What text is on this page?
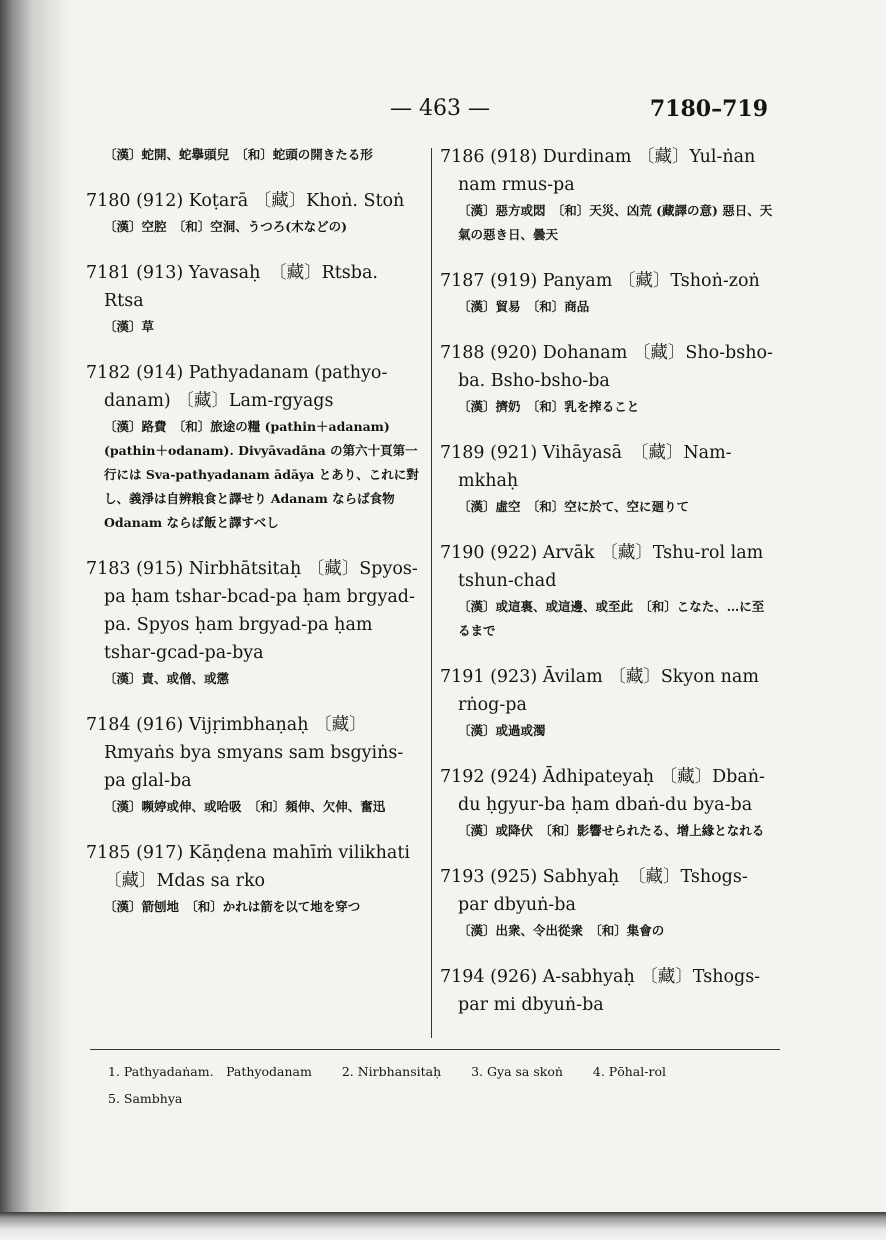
— 463 —	7180–719
〔漢〕蛇開、蛇擧頭兒　〔和〕蛇頭の開きたる形
7180 (912) Koṭarā 〔藏〕Khoṅ. Stoṅ
〔漢〕空腔　〔和〕空洞、うつろ(木などの)
7181 (913) Yavasaḥ　〔藏〕Rtsba. Rtsa
〔漢〕草
7182 (914) Pathyadanam (pathyo-danam) 〔藏〕Lam-rgyags
〔漢〕路費　〔和〕旅途の糧 (pathin＋adanam)(pathin＋odanam). Divyāvadāna の第六十頁第一行には Sva-pathyadanam ādāya とあり、これに對し、義淨は自辨粮食と譯せり Adanam ならば食物 Odanam ならば飯と譯すべし
7183 (915) Nirbhātsitaḥ 〔藏〕Spyos-pa ḥam tshar-bcad-pa ḥam brgyad-pa. Spyos ḥam brgyad-pa ḥam tshar-gcad-pa-bya
〔漢〕責、或僧、或懲
7184 (916) Vijṛimbhaṇaḥ 〔藏〕Rmyaṅs bya smyans sam bsgyiṅs-pa glal-ba
〔漢〕嚬婷或伸、或哈吸　〔和〕頻伸、欠伸、奮迅
7185 (917) Kāṇḍena mahīṁ vilikhati 〔藏〕Mdas sa rko
〔漢〕箭刨地　〔和〕かれは箭を以て地を穿つ
7186 (918) Durdinam 〔藏〕Yul-ṅan nam rmus-pa
〔漢〕惡方或悶　〔和〕天災、凶荒 (藏譯の意) 惡日、天氣の惡き日、曇天
7187 (919) Panyam 〔藏〕Tshoṅ-zoṅ
〔漢〕貿易　〔和〕商品
7188 (920) Dohanam 〔藏〕Sho-bsho-ba. Bsho-bsho-ba
〔漢〕擠奶　〔和〕乳を搾ること
7189 (921) Vihāyasā　〔藏〕Nam-mkhaḥ
〔漢〕虛空　〔和〕空に於て、空に廻りて
7190 (922) Arvāk 〔藏〕Tshu-rol lam tshun-chad
〔漢〕或這裏、或這邊、或至此　〔和〕こなた、…に至るまで
7191 (923) Āvilam 〔藏〕Skyon nam rṅog-pa
〔漢〕或過或濁
7192 (924) Ādhipateyaḥ 〔藏〕Dbaṅ-du ḥgyur-ba ḥam dbaṅ-du bya-ba
〔漢〕或降伏　〔和〕影響せられたる、增上緣となれる
7193 (925) Sabhyaḥ　〔藏〕Tshogs-par dbyuṅ-ba
〔漢〕出衆、令出從衆　〔和〕集會の
7194 (926) A-sabhyaḥ 〔藏〕Tshogs-par mi dbyuṅ-ba
1. Pathyadaṅam.　Pathyodanam 2. Nirbhansitaḥ 3. Gya sa skoṅ 4. Pōhal-rol
5. Sambhya
